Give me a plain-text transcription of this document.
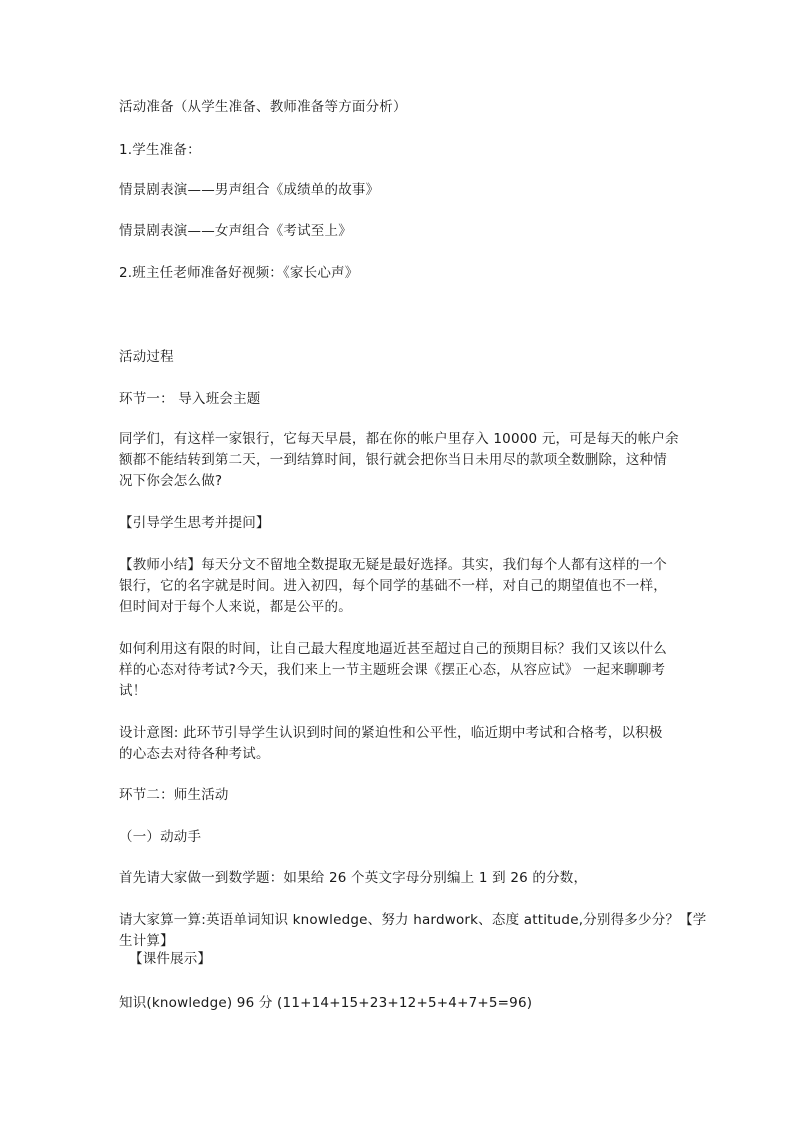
活动准备（从学生准备、教师准备等方面分析）

1.学生准备：

情景剧表演——男声组合《成绩单的故事》

情景剧表演——女声组合《考试至上》

2.班主任老师准备好视频：《家长心声》

活动过程

环节一： 导入班会主题

同学们，有这样一家银行，它每天早晨，都在你的帐户里存入 10000 元，可是每天的帐户余
额都不能结转到第二天，一到结算时间，银行就会把你当日未用尽的款项全数删除，这种情
况下你会怎么做?

【引导学生思考并提问】

【教师小结】每天分文不留地全数提取无疑是最好选择。其实，我们每个人都有这样的一个
银行，它的名字就是时间。进入初四，每个同学的基础不一样，对自己的期望值也不一样，
但时间对于每个人来说，都是公平的。

如何利用这有限的时间，让自己最大程度地逼近甚至超过自己的预期目标？我们又该以什么
样的心态对待考试?今天，我们来上一节主题班会课《摆正心态，从容应试》 一起来聊聊考
试！

设计意图: 此环节引导学生认识到时间的紧迫性和公平性，临近期中考试和合格考，以积极
的心态去对待各种考试。

环节二：师生活动

（一）动动手

首先请大家做一到数学题：如果给 26 个英文字母分别编上 1 到 26 的分数，

请大家算一算:英语单词知识 knowledge、努力 hardwork、态度 attitude,分别得多少分？【学
生计算】

【课件展示】

知识(knowledge) 96 分 (11+14+15+23+12+5+4+7+5=96)
